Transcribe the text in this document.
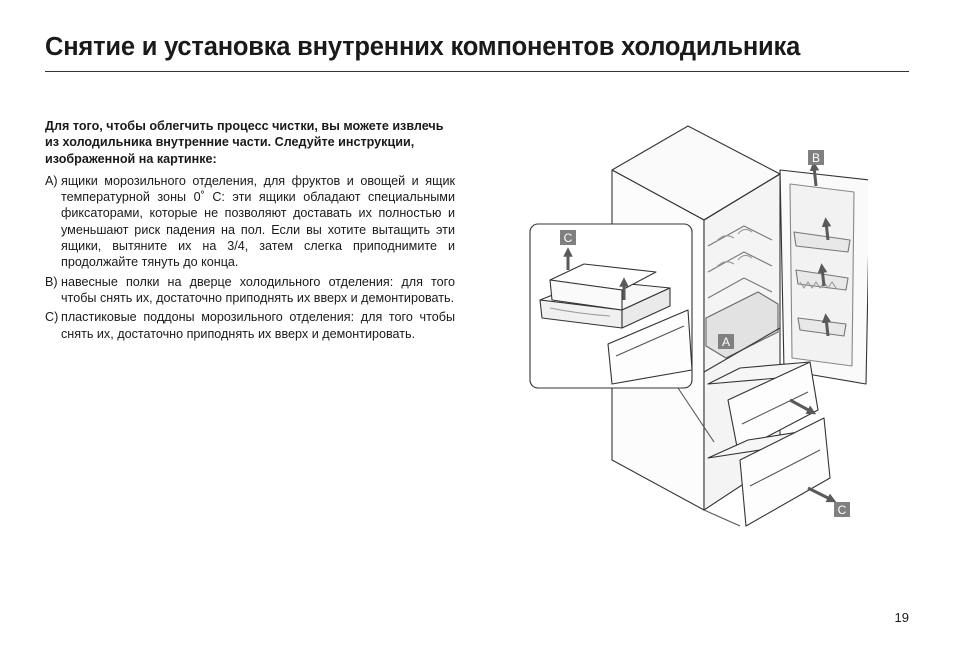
Снятие и установка внутренних компонентов холодильника

Для того, чтобы облегчить процесс чистки, вы можете извлечь из холодильника внутренние части. Следуйте инструкции, изображенной на картинке:

A) ящики морозильного отделения, для фруктов и овощей и ящик температурной зоны 0˚ С: эти ящики обладают специальными фиксаторами, которые не позволяют доставать их полностью и уменьшают риск падения на пол. Если вы хотите вытащить эти ящики, вытяните их на 3/4, затем слегка приподнимите и продолжайте тянуть до конца.

B) навесные полки на дверце холодильного отделения: для того чтобы снять их, достаточно приподнять их вверх и демонтировать.

C) пластиковые поддоны морозильного отделения: для того чтобы снять их, достаточно приподнять их вверх и демонтировать.

B
C
A
C
19
